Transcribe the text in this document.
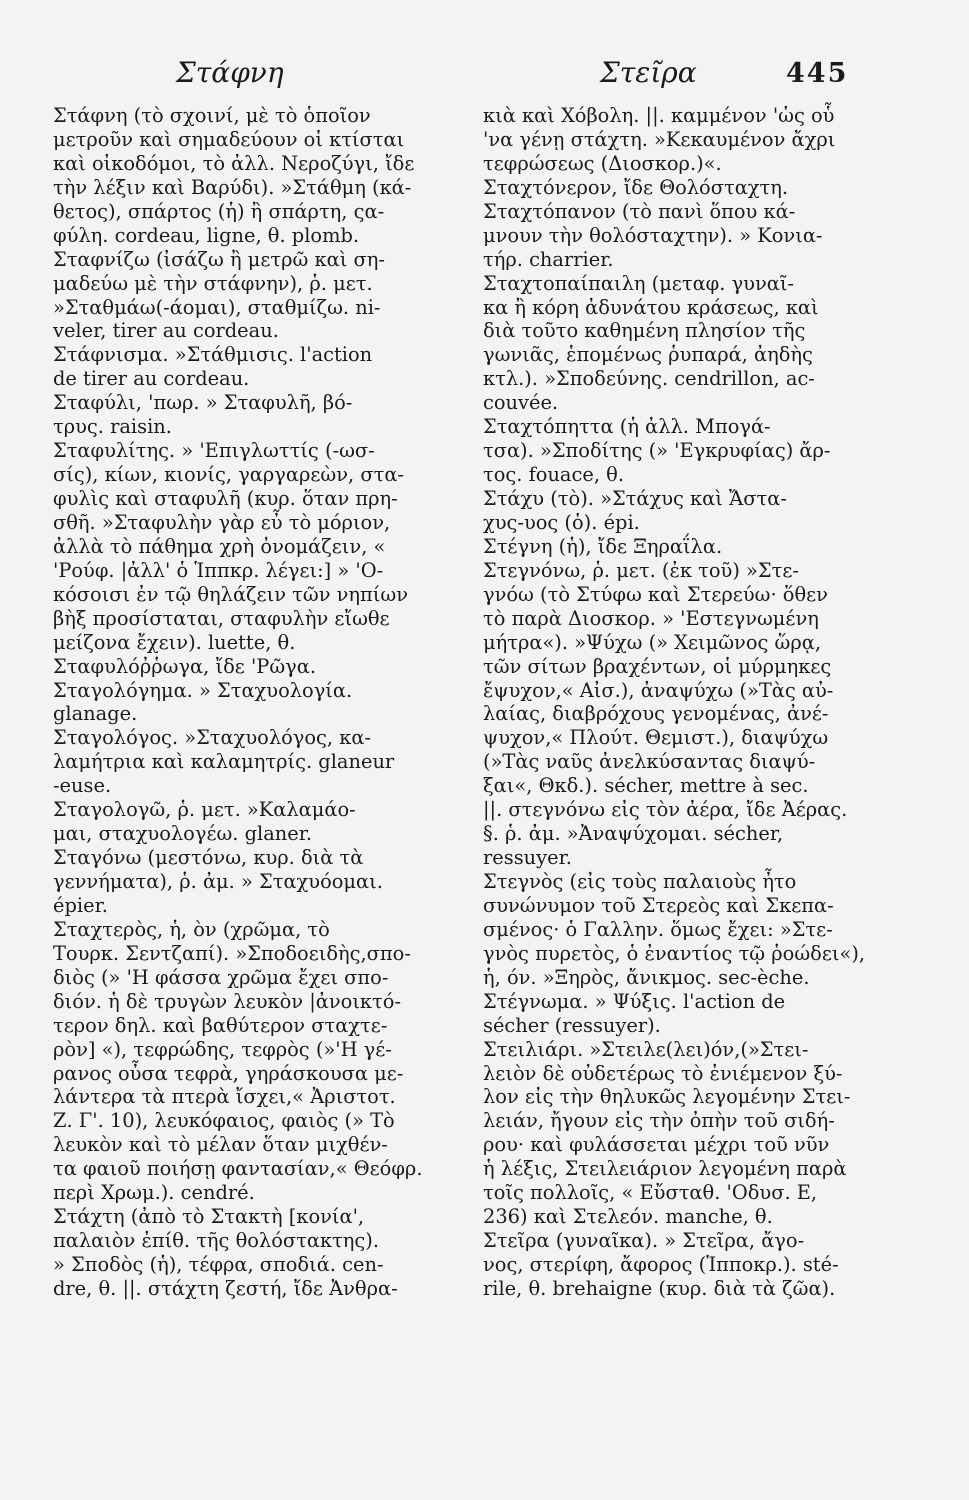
Στάφνη	Στεῖρα	445
Στάφνη (τὸ σχοινί, μὲ τὸ ὁποῖον
μετροῦν καὶ σημαδεύουν οἱ κτίσται
καὶ οἰκοδόμοι, τὸ ἀλλ. Νεροζύγι, ἴδε
τὴν λέξιν καὶ Βαρύδι). »Στάθμη (κά-
θετος), σπάρτος (ἡ) ἢ σπάρτη, ςα-
φύλη. cordeau, ligne, θ. plomb.
Σταφνίζω (ἰσάζω ἢ μετρῶ καὶ ση-
μαδεύω μὲ τὴν στάφνην), ῥ. μετ.
»Σταθμάω(-άομαι), σταθμίζω. ni-
veler, tirer au cordeau.
Στάφνισμα. »Στάθμισις. l'action
de tirer au cordeau.
Σταφύλι, 'πωρ. » Σταφυλῆ, βό-
τρυς. raisin.
Σταφυλίτης. » 'Επιγλωττίς (-ωσ-
σίς), κίων, κιονίς, γαργαρεὼν, στα-
φυλὶς καὶ σταφυλῆ (κυρ. ὅταν πρη-
σθῆ. »Σταφυλὴν γὰρ εὖ τὸ μόριον,
ἀλλὰ τὸ πάθημα χρὴ ὀνομάζειν, «
'Ρούφ. |ἀλλ' ὁ Ἱππκρ. λέγει:] » 'Ο-
κόσοισι ἐν τῷ θηλάζειν τῶν νηπίων
βὴξ προσίσταται, σταφυλὴν εἴωθε
μείζονα ἔχειν). luette, θ.
Σταφυλόῤῥωγα, ἴδε 'Ρῶγα.
Σταγολόγημα. » Σταχυολογία.
glanage.
Σταγολόγος. »Σταχυολόγος, κα-
λαμήτρια καὶ καλαμητρίς. glaneur
-euse.
Σταγολογῶ, ῥ. μετ. »Καλαμάο-
μαι, σταχυολογέω. glaner.
Σταγόνω (μεστόνω, κυρ. διὰ τὰ
γεννήματα), ῥ. ἀμ. » Σταχυόομαι.
épier.
Σταχτερὸς, ἡ, ὸν (χρῶμα, τὸ
Τουρκ. Σεντζαπί). »Σποδοειδὴς,σπο-
διὸς (» 'Η φάσσα χρῶμα ἔχει σπο-
διόν. ἡ δὲ τρυγὼν λευκὸν |ἀνοικτό-
τερον δηλ. καὶ βαθύτερον σταχτε-
ρὸν] «), τεφρώδης, τεφρὸς (»'Η γέ-
ρανος οὖσα τεφρὰ, γηράσκουσα με-
λάντερα τὰ πτερὰ ἴσχει,« Ἀριστοτ.
Ζ. Γ'. 10), λευκόφαιος, φαιὸς (» Τὸ
λευκὸν καὶ τὸ μέλαν ὅταν μιχθέν-
τα φαιοῦ ποιήσῃ φαντασίαν,« Θεόφρ.
περὶ Χρωμ.). cendré.
Στάχτη (ἀπὸ τὸ Στακτὴ [κονία',
παλαιὸν ἐπίθ. τῆς θολόστακτης).
» Σποδὸς (ἡ), τέφρα, σποδιά. cen-
dre, θ. ||. στάχτη ζεστή, ἴδε Ἀνθρα-
κιὰ καὶ Χόβολη. ||. καμμένον 'ὡς οὗ
'να γένῃ στάχτη. »Κεκαυμένον ἄχρι
τεφρώσεως (Διοσκορ.)«.
Σταχτόνερον, ἴδε Θολόσταχτη.
Σταχτόπανον (τὸ πανὶ ὅπου κά-
μνουν τὴν θολόσταχτην). » Κονια-
τήρ. charrier.
Σταχτοπαίπαιλη (μεταφ. γυναῖ-
κα ἢ κόρη ἀδυνάτου κράσεως, καὶ
διὰ τοῦτο καθημένη πλησίον τῆς
γωνιᾶς, ἑπομένως ῥυπαρά, ἀηδὴς
κτλ.). »Σποδεύνης. cendrillon, ac-
couvée.
Σταχτόπηττα (ἡ ἀλλ. Μπογά-
τσα). »Σποδίτης (» 'Εγκρυφίας) ἄρ-
τος. fouace, θ.
Στάχυ (τὸ). »Στάχυς καὶ Ἄστα-
χυς-υος (ὁ). épi.
Στέγνη (ἡ), ἴδε Ξηραΐλα.
Στεγνόνω, ῥ. μετ. (ἐκ τοῦ) »Στε-
γνόω (τὸ Στύφω καὶ Στερεύω· ὅθεν
τὸ παρὰ Διοσκορ. » 'Εστεγνωμένη
μήτρα«). »Ψύχω (» Χειμῶνος ὥρᾳ,
τῶν σίτων βραχέντων, οἱ μύρμηκες
ἔψυχον,« Αἰσ.), ἀναψύχω (»Τὰς αὐ-
λαίας, διαβρόχους γενομένας, ἀνέ-
ψυχον,« Πλούτ. Θεμιστ.), διαψύχω
(»Τὰς ναῦς ἀνελκύσαντας διαψύ-
ξαι«, Θκδ.). sécher, mettre à sec.
||. στεγνόνω εἰς τὸν ἀέρα, ἴδε Ἀέρας.
§. ῥ. ἀμ. »Ἀναψύχομαι. sécher,
ressuyer.
Στεγνὸς (εἰς τοὺς παλαιοὺς ἦτο
συνώνυμον τοῦ Στερεὸς καὶ Σκεπα-
σμένος· ὁ Γαλλην. ὅμως ἔχει: »Στε-
γνὸς πυρετὸς, ὁ ἐναντίος τῷ ῥοώδει«),
ἡ, όν. »Ξηρὸς, ἄνικμος. sec-èche.
Στέγνωμα. » Ψύξις. l'action de
sécher (ressuyer).
Στειλιάρι. »Στειλε(λει)όν,(»Στει-
λειὸν δὲ οὐδετέρως τὸ ἐνιέμενον ξύ-
λον εἰς τὴν θηλυκῶς λεγομένην Στει-
λειάν, ἤγουν εἰς τὴν ὀπὴν τοῦ σιδή-
ρου· καὶ φυλάσσεται μέχρι τοῦ νῦν
ἡ λέξις, Στειλειάριον λεγομένη παρὰ
τοῖς πολλοῖς, « Εὔσταθ. 'Οδυσ. Ε,
236) καὶ Στελεόν. manche, θ.
Στεῖρα (γυναῖκα). » Στεῖρα, ἄγο-
νος, στερίφη, ἄφορος (Ἱπποκρ.). sté-
rile, θ. brehaigne (κυρ. διὰ τὰ ζῶα).
